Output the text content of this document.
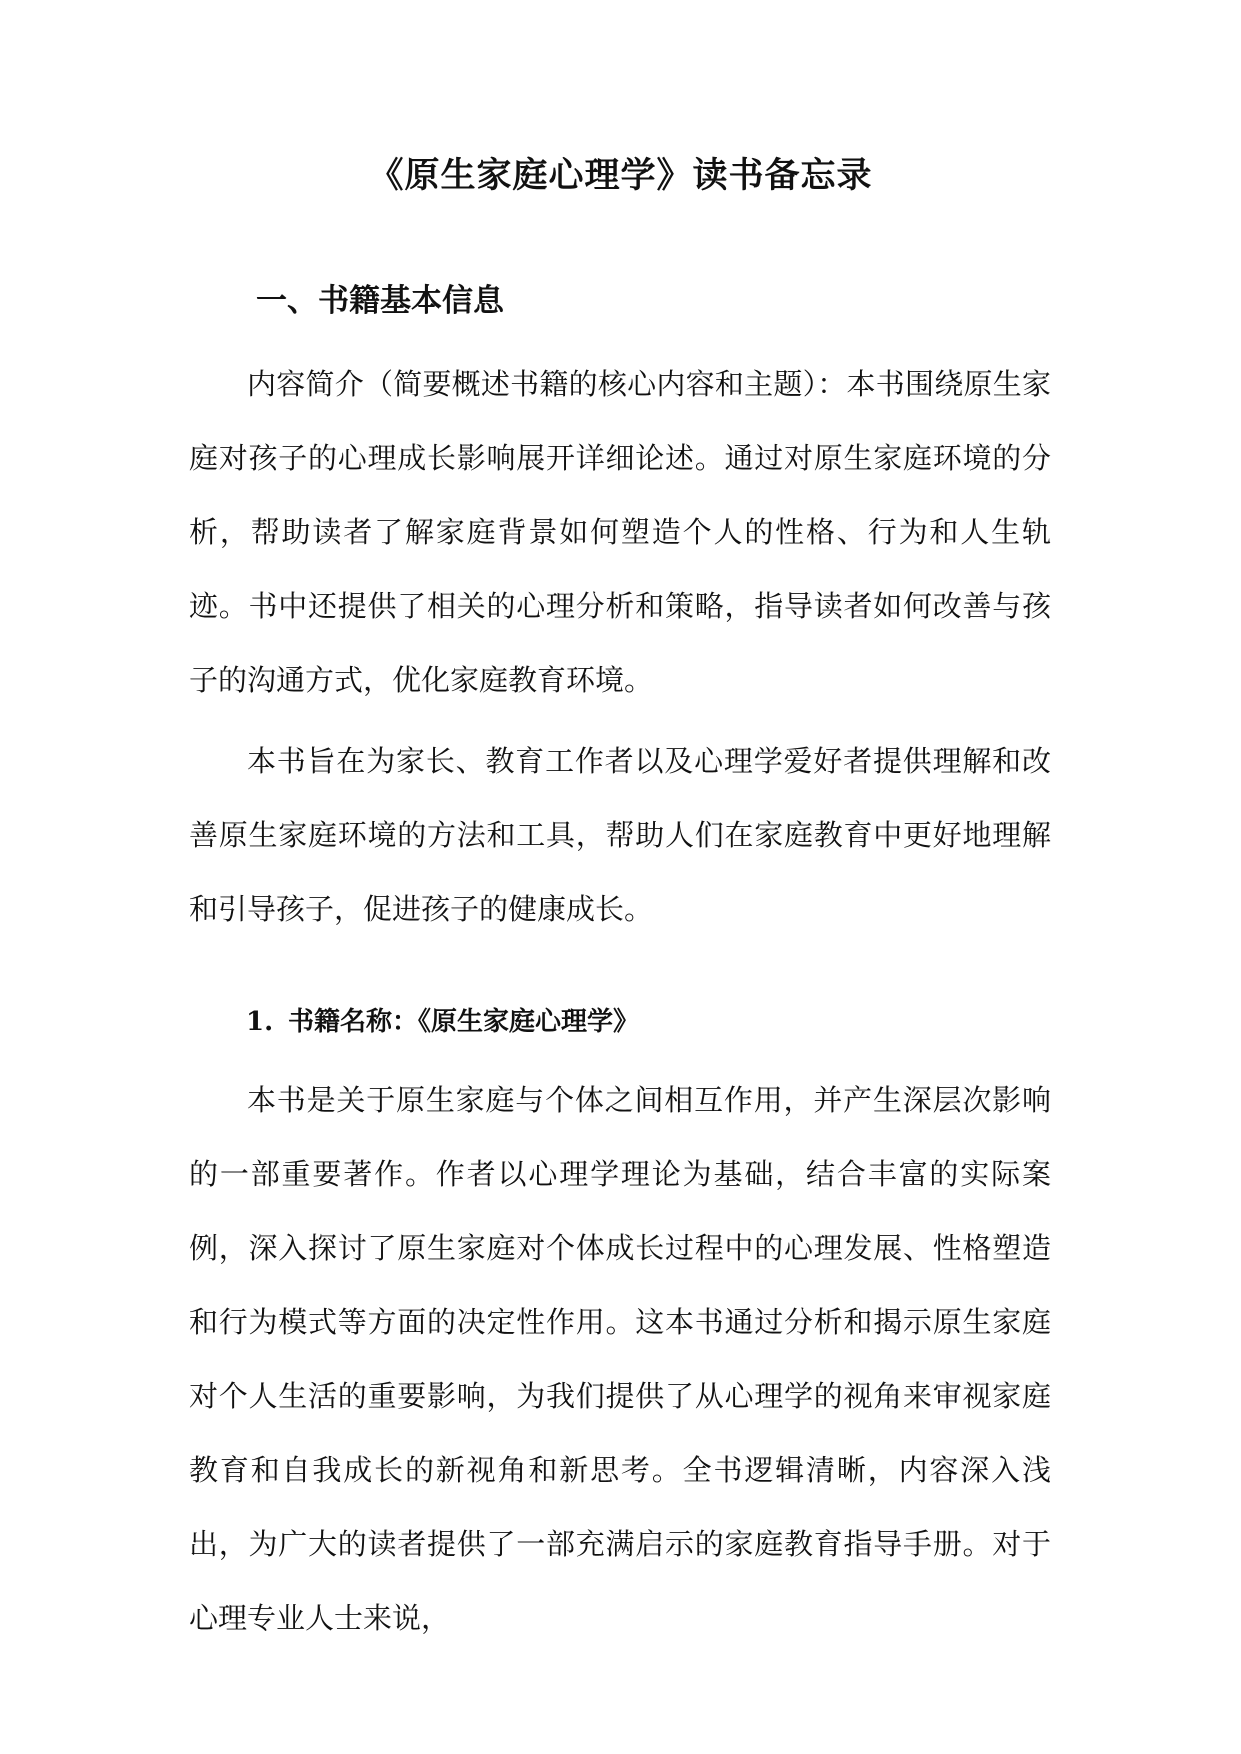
《原生家庭心理学》读书备忘录
一、书籍基本信息

内容简介（简要概述书籍的核心内容和主题）：本书围绕原生家庭对孩子的心理成长影响展开详细论述。通过对原生家庭环境的分析，帮助读者了解家庭背景如何塑造个人的性格、行为和人生轨迹。书中还提供了相关的心理分析和策略，指导读者如何改善与孩子的沟通方式，优化家庭教育环境。

本书旨在为家长、教育工作者以及心理学爱好者提供理解和改善原生家庭环境的方法和工具，帮助人们在家庭教育中更好地理解和引导孩子，促进孩子的健康成长。

1. 书籍名称：《原生家庭心理学》

本书是关于原生家庭与个体之间相互作用，并产生深层次影响的一部重要著作。作者以心理学理论为基础，结合丰富的实际案例，深入探讨了原生家庭对个体成长过程中的心理发展、性格塑造和行为模式等方面的决定性作用。这本书通过分析和揭示原生家庭对个人生活的重要影响，为我们提供了从心理学的视角来审视家庭教育和自我成长的新视角和新思考。全书逻辑清晰，内容深入浅出，为广大的读者提供了一部充满启示的家庭教育指导手册。对于心理专业人士来说，
